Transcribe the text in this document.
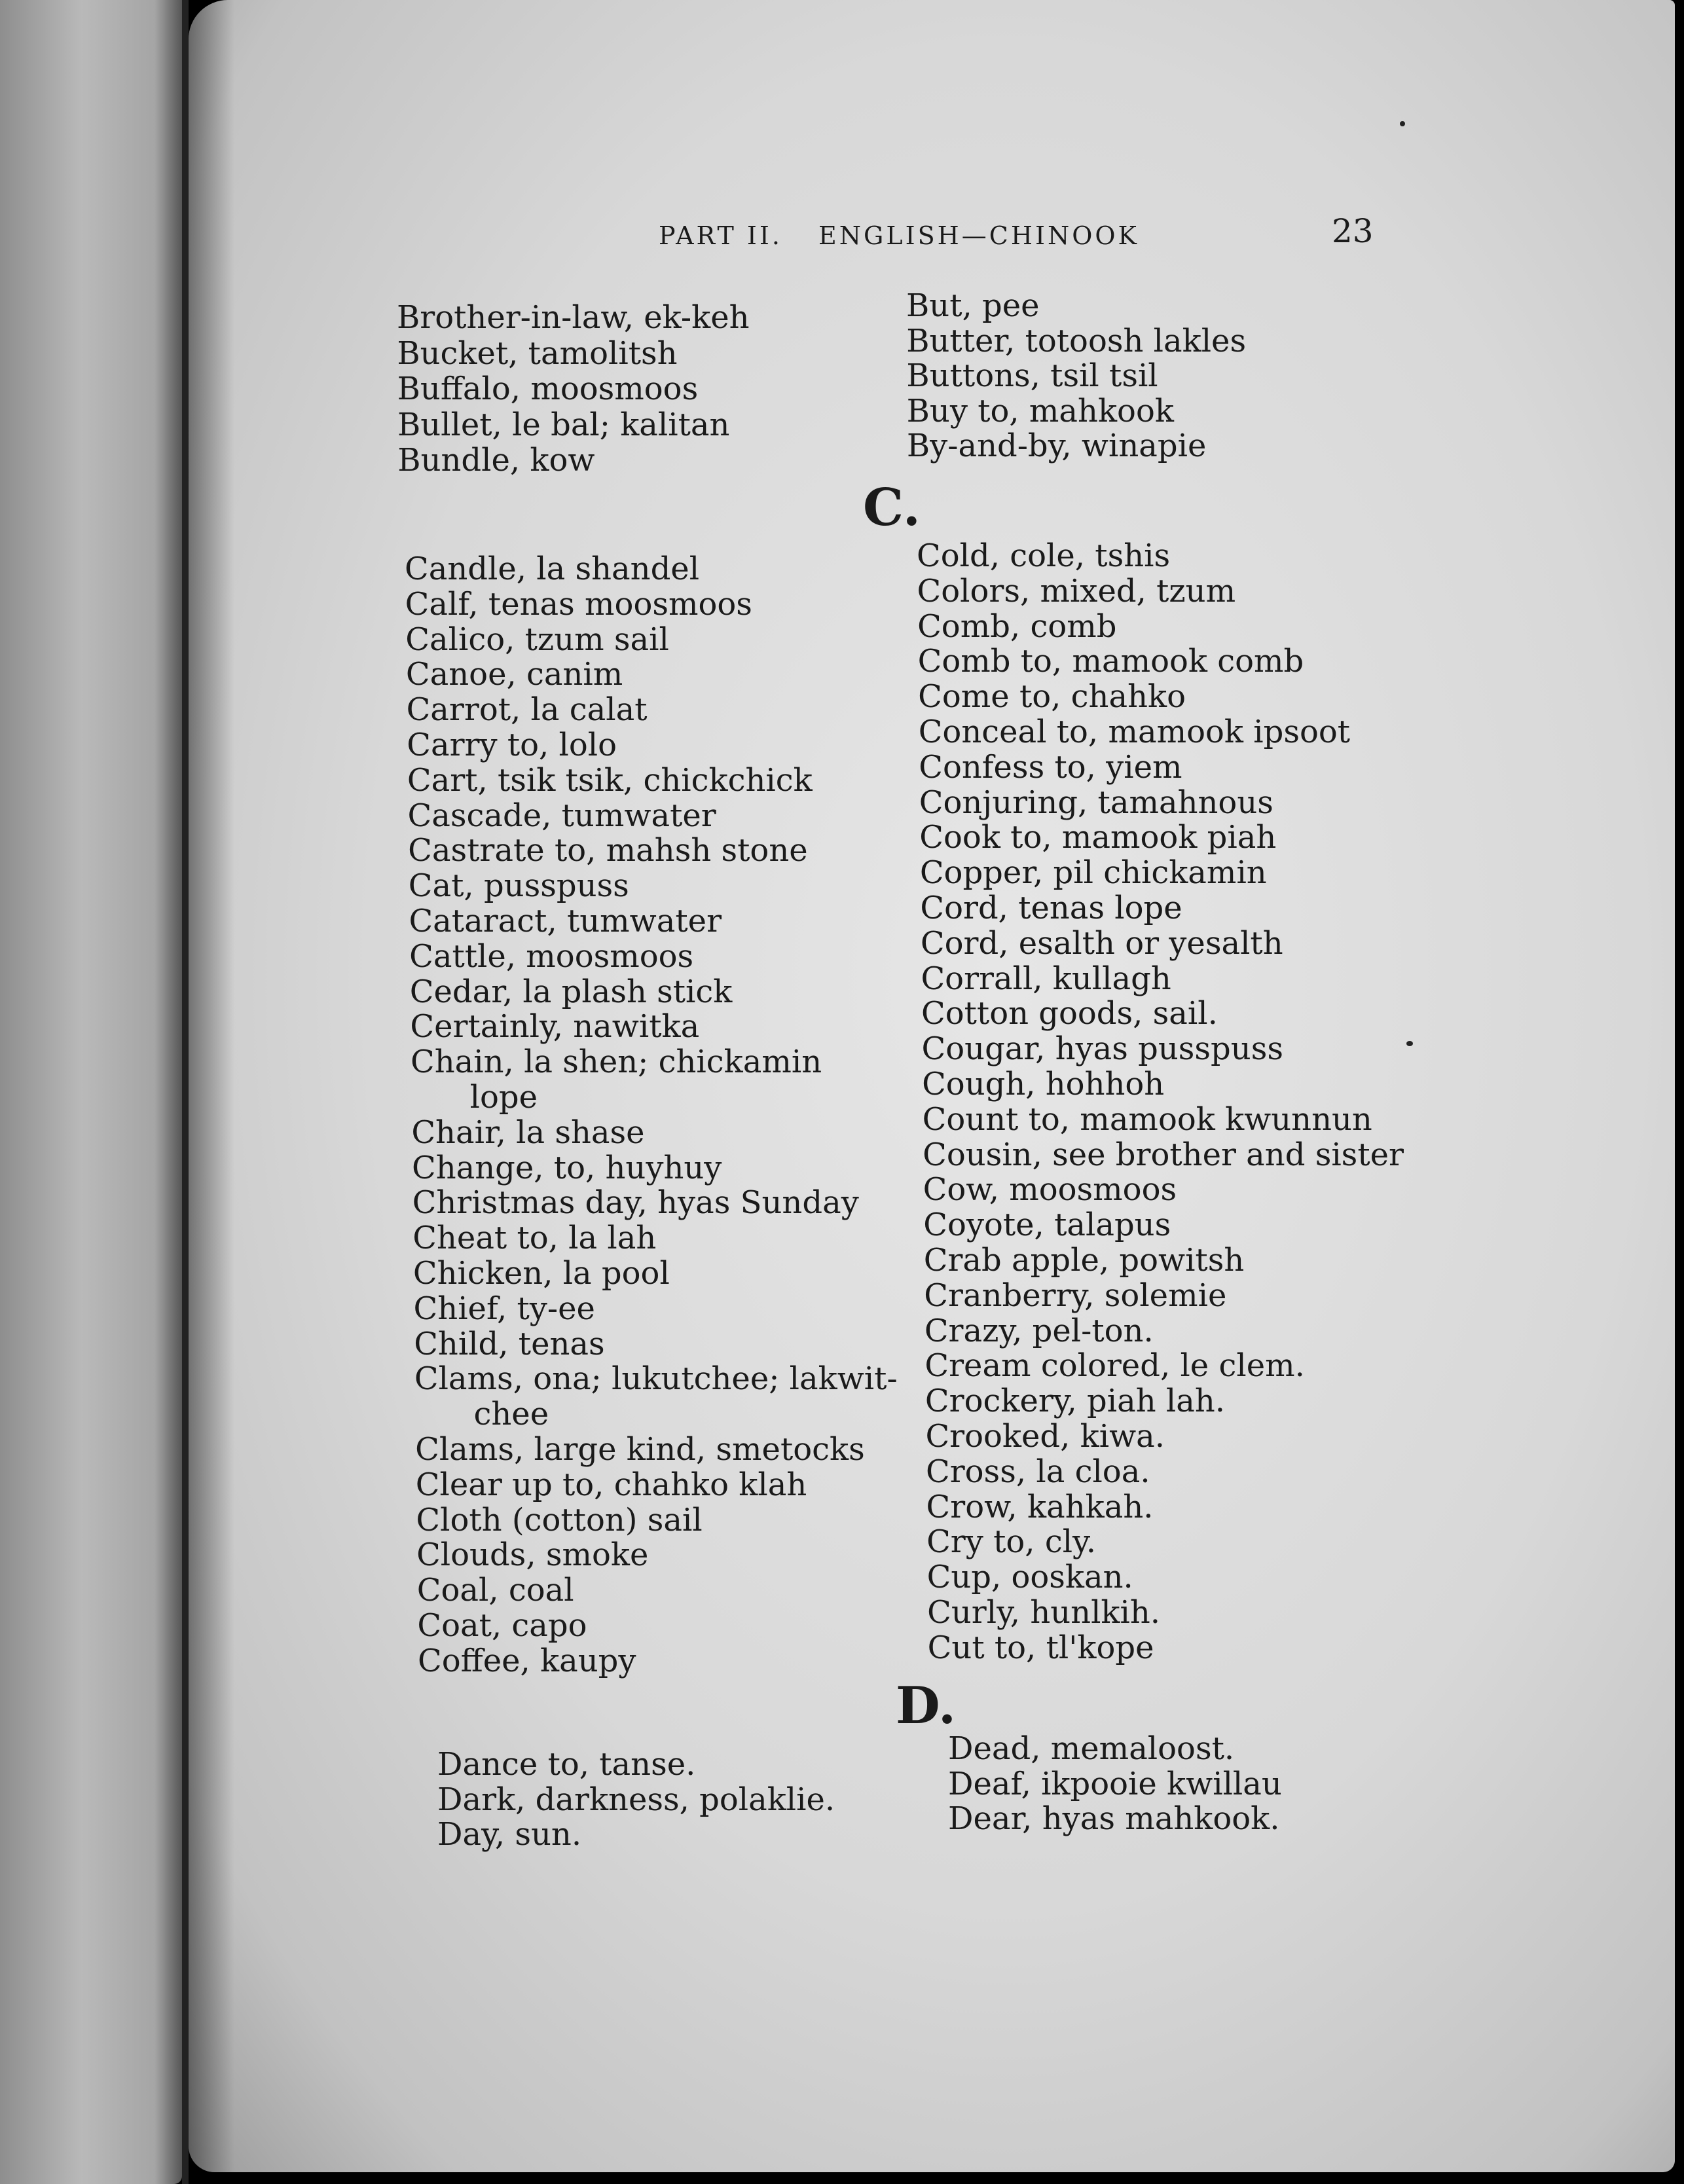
PART II. ENGLISH—CHINOOK	23
C.
D.
Brother-in-law, ek-keh
Bucket, tamolitsh
Buffalo, moosmoos
Bullet, le bal; kalitan
Bundle, kow
But, pee
Butter, totoosh lakles
Buttons, tsil tsil
Buy to, mahkook
By-and-by, winapie
Candle, la shandel
Calf, tenas moosmoos
Calico, tzum sail
Canoe, canim
Carrot, la calat
Carry to, lolo
Cart, tsik tsik, chickchick
Cascade, tumwater
Castrate to, mahsh stone
Cat, pusspuss
Cataract, tumwater
Cattle, moosmoos
Cedar, la plash stick
Certainly, nawitka
Chain, la shen; chickamin
lope
Chair, la shase
Change, to, huyhuy
Christmas day, hyas Sunday
Cheat to, la lah
Chicken, la pool
Chief, ty-ee
Child, tenas
Clams, ona; lukutchee; lakwit-
chee
Clams, large kind, smetocks
Clear up to, chahko klah
Cloth (cotton) sail
Clouds, smoke
Coal, coal
Coat, capo
Coffee, kaupy
Cold, cole, tshis
Colors, mixed, tzum
Comb, comb
Comb to, mamook comb
Come to, chahko
Conceal to, mamook ipsoot
Confess to, yiem
Conjuring, tamahnous
Cook to, mamook piah
Copper, pil chickamin
Cord, tenas lope
Cord, esalth or yesalth
Corrall, kullagh
Cotton goods, sail.
Cougar, hyas pusspuss
Cough, hohhoh
Count to, mamook kwunnun
Cousin, see brother and sister
Cow, moosmoos
Coyote, talapus
Crab apple, powitsh
Cranberry, solemie
Crazy, pel-ton.
Cream colored, le clem.
Crockery, piah lah.
Crooked, kiwa.
Cross, la cloa.
Crow, kahkah.
Cry to, cly.
Cup, ooskan.
Curly, hunlkih.
Cut to, tl'kope
Dance to, tanse.
Dark, darkness, polaklie.
Day, sun.
Dead, memaloost.
Deaf, ikpooie kwillau
Dear, hyas mahkook.
